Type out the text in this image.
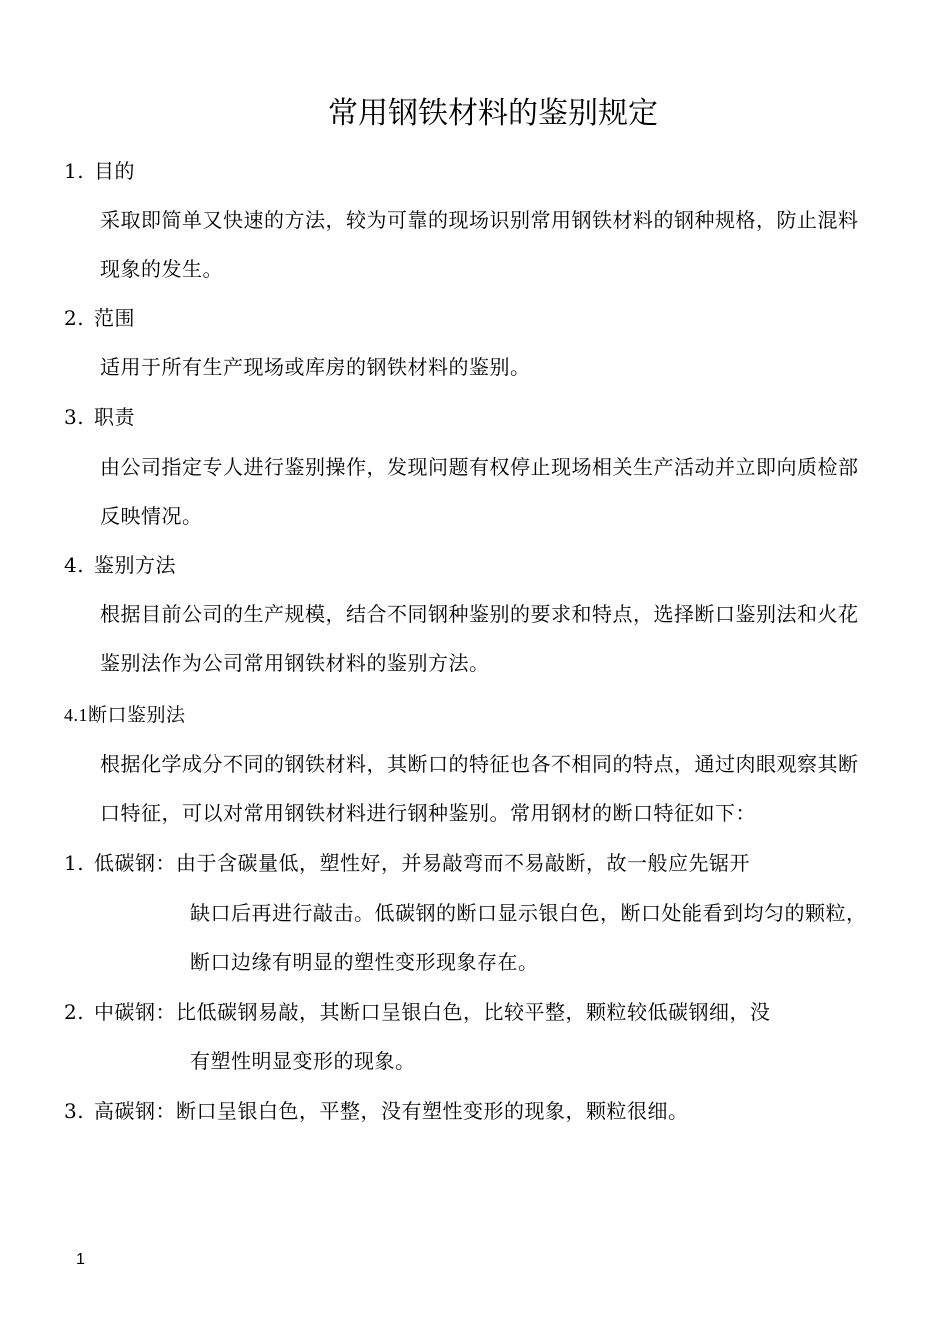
常用钢铁材料的鉴别规定
1. 目的
采取即简单又快速的方法，较为可靠的现场识别常用钢铁材料的钢种规格，防止混料
现象的发生。
2. 范围
适用于所有生产现场或库房的钢铁材料的鉴别。
3. 职责
由公司指定专人进行鉴别操作，发现问题有权停止现场相关生产活动并立即向质检部
反映情况。
4. 鉴别方法
根据目前公司的生产规模，结合不同钢种鉴别的要求和特点，选择断口鉴别法和火花
鉴别法作为公司常用钢铁材料的鉴别方法。
4.1断口鉴别法
根据化学成分不同的钢铁材料，其断口的特征也各不相同的特点，通过肉眼观察其断
口特征，可以对常用钢铁材料进行钢种鉴别。常用钢材的断口特征如下：
1. 低碳钢：由于含碳量低，塑性好，并易敲弯而不易敲断，故一般应先锯开
缺口后再进行敲击。低碳钢的断口显示银白色，断口处能看到均匀的颗粒，
断口边缘有明显的塑性变形现象存在。
2. 中碳钢：比低碳钢易敲，其断口呈银白色，比较平整，颗粒较低碳钢细，没
有塑性明显变形的现象。
3. 高碳钢：断口呈银白色，平整，没有塑性变形的现象，颗粒很细。
1
